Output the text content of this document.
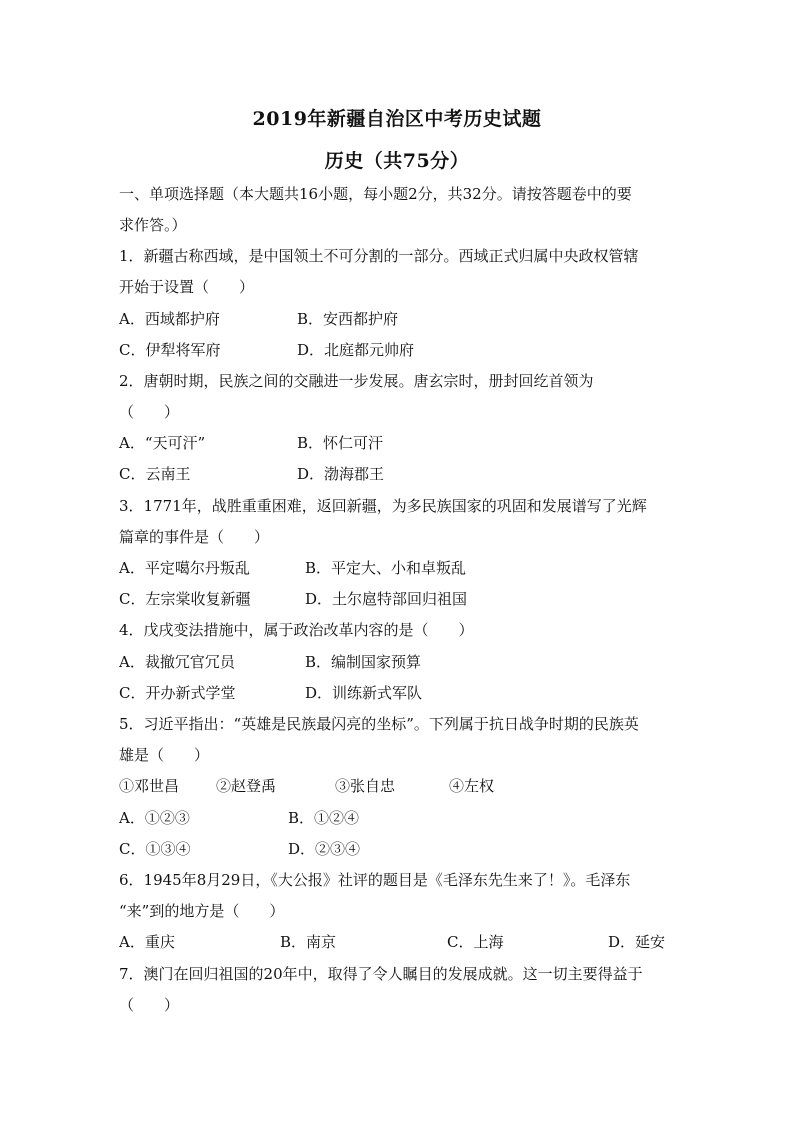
2019年新疆自治区中考历史试题
历史（共75分）
一、单项选择题（本大题共16小题，每小题2分，共32分。请按答题卷中的要
求作答。）
1．新疆古称西域，是中国领土不可分割的一部分。西域正式归属中央政权管辖
开始于设置（　　）
A．西域都护府	B．安西都护府
C．伊犁将军府	D．北庭都元帅府
2．唐朝时期，民族之间的交融进一步发展。唐玄宗时，册封回纥首领为
（　　）
A．“天可汗”	B．怀仁可汗
C．云南王	D．渤海郡王
3．1771年，战胜重重困难，返回新疆，为多民族国家的巩固和发展谱写了光辉
篇章的事件是（　　）
A．平定噶尔丹叛乱	B．平定大、小和卓叛乱
C．左宗棠收复新疆	D．土尔扈特部回归祖国
4．戊戌变法措施中，属于政治改革内容的是（　　）
A．裁撤冗官冗员	B．编制国家预算
C．开办新式学堂	D．训练新式军队
5．习近平指出：“英雄是民族最闪亮的坐标”。下列属于抗日战争时期的民族英
雄是（　　）
①邓世昌 ②赵登禹	③张自忠	④左权
A．①②③	B．①②④
C．①③④	D．②③④
6．1945年8月29日，《大公报》社评的题目是《毛泽东先生来了！》。毛泽东
“来”到的地方是（　　）
A．重庆	B．南京	C．上海	D．延安
7．澳门在回归祖国的20年中，取得了令人瞩目的发展成就。这一切主要得益于
（　　）
